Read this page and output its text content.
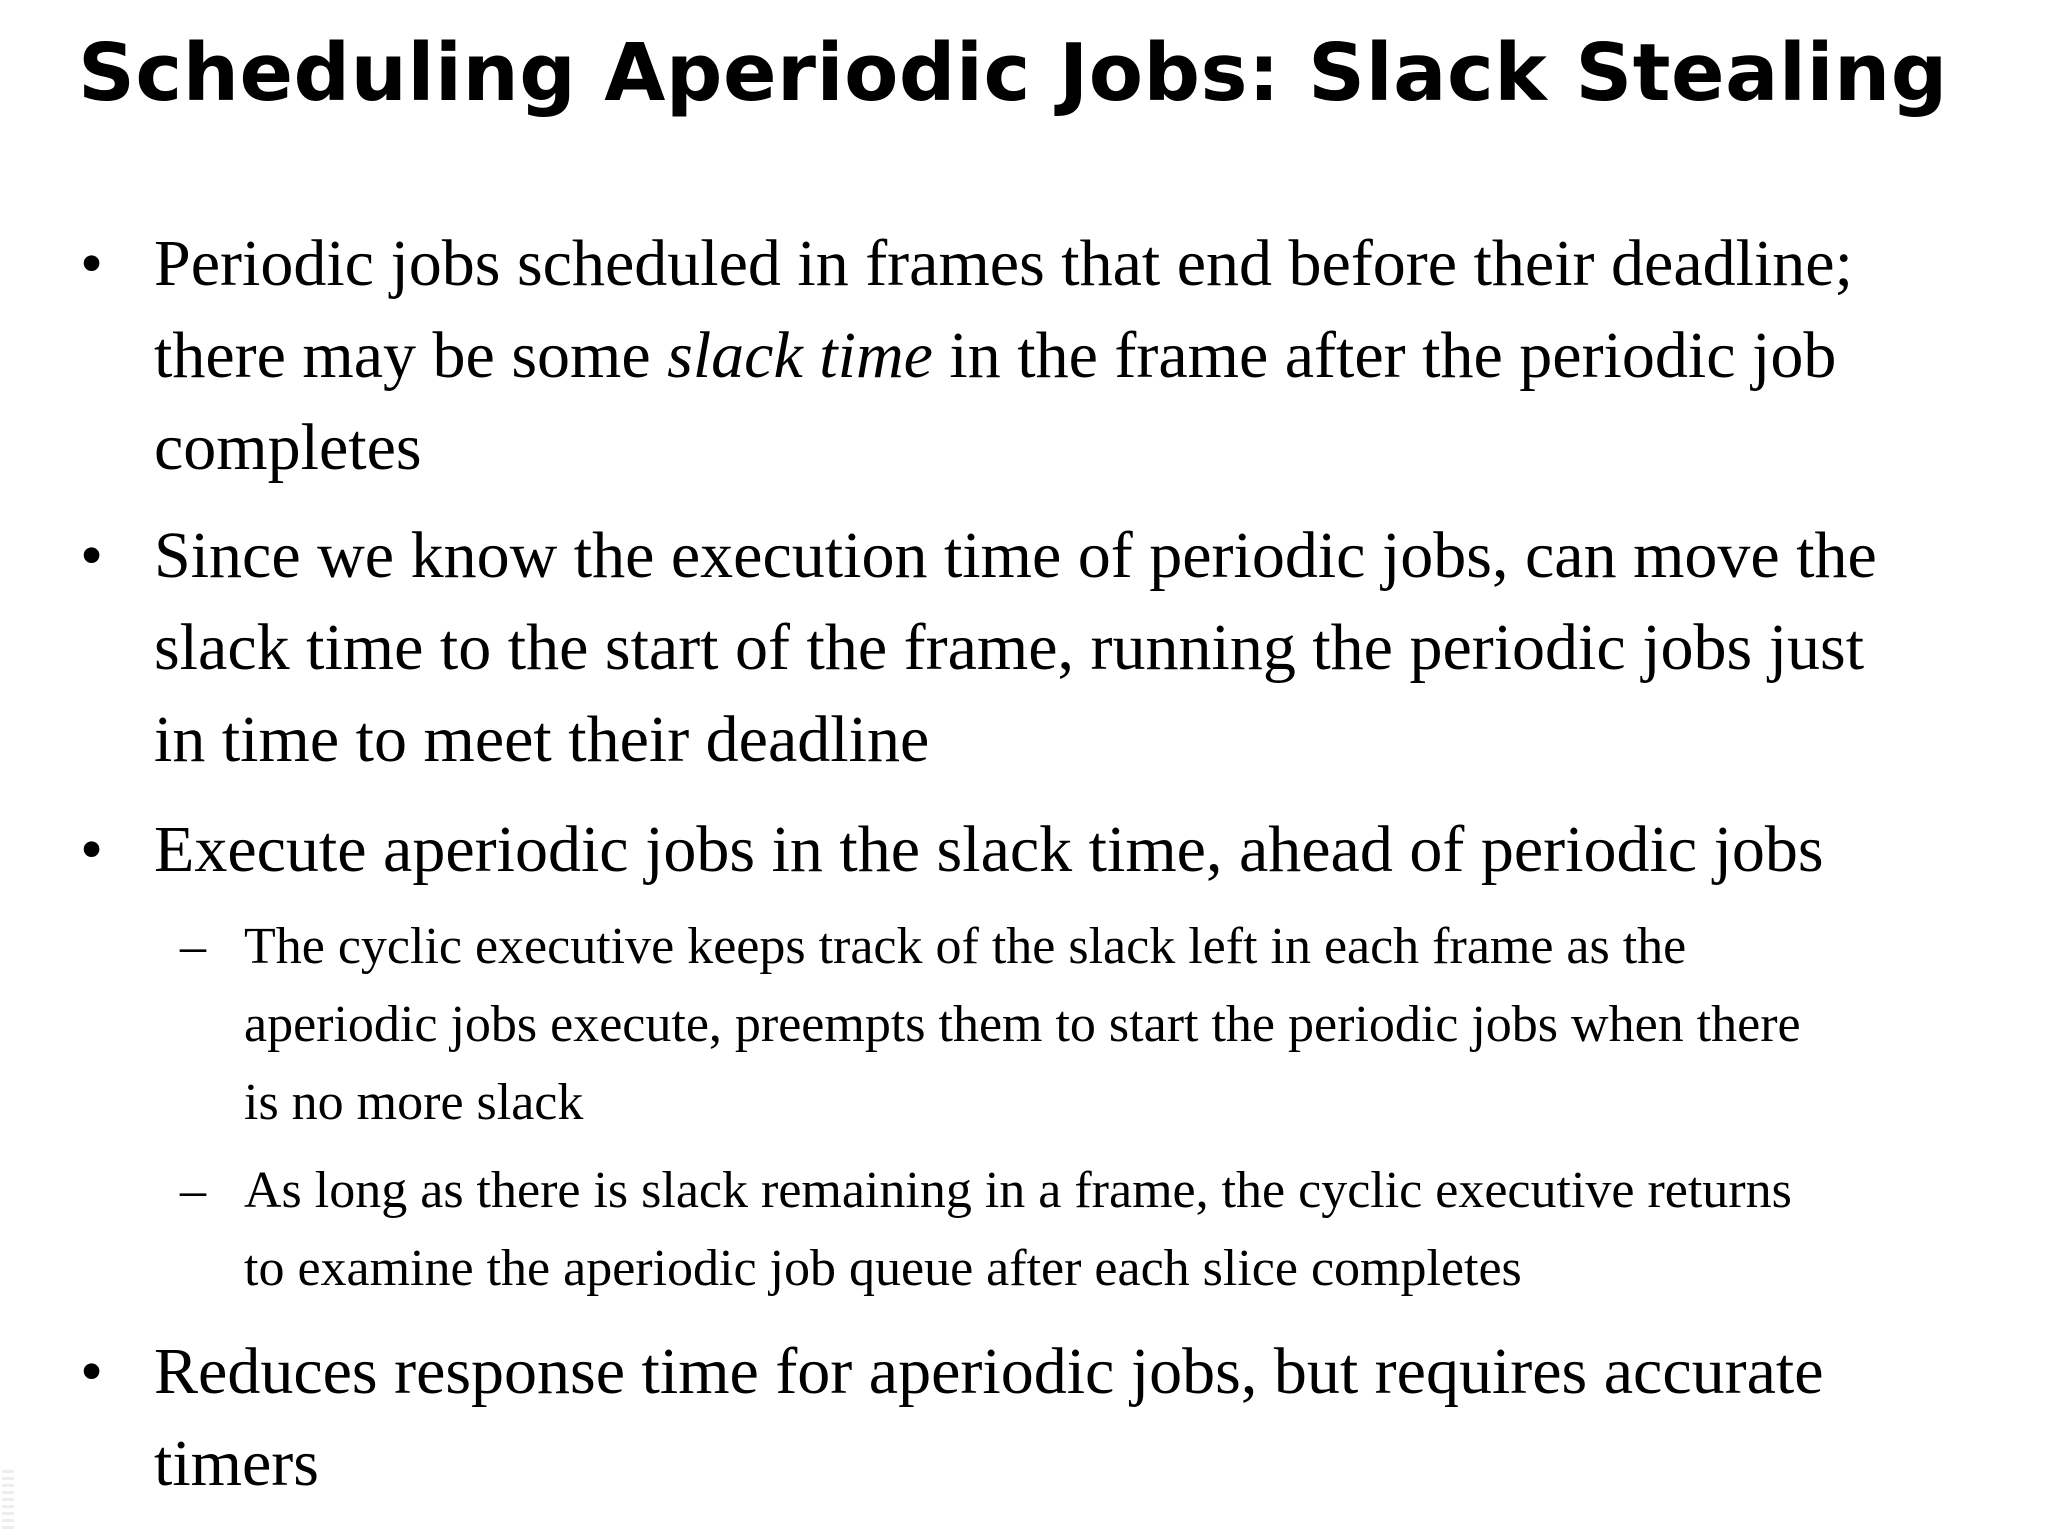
Scheduling Aperiodic Jobs: Slack Stealing
• Periodic jobs scheduled in frames that end before their deadline;
there may be some slack time in the frame after the periodic job
completes
• Since we know the execution time of periodic jobs, can move the
slack time to the start of the frame, running the periodic jobs just
in time to meet their deadline
• Execute aperiodic jobs in the slack time, ahead of periodic jobs
– The cyclic executive keeps track of the slack left in each frame as the
aperiodic jobs execute, preempts them to start the periodic jobs when there
is no more slack
– As long as there is slack remaining in a frame, the cyclic executive returns
to examine the aperiodic job queue after each slice completes
• Reduces response time for aperiodic jobs, but requires accurate
timers
